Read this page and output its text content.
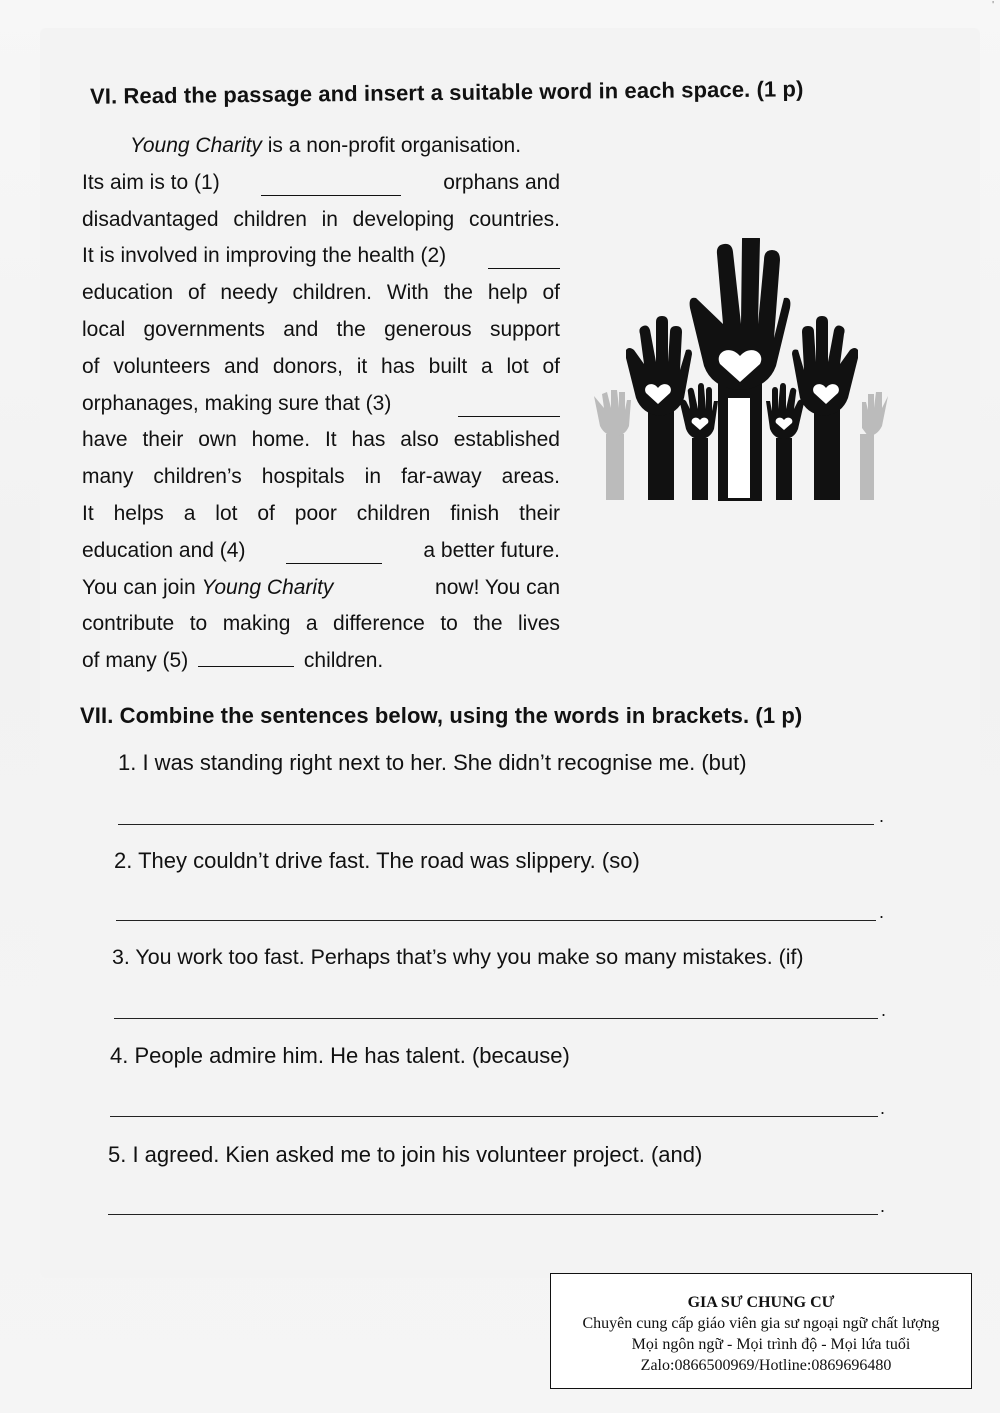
'
VI. Read the passage and insert a suitable word in each space. (1 p)
Young Charity is a non-profit organisation.
Its aim is to (1)	orphans and
disadvantaged children in developing countries.
It is involved in improving the health (2)
education of needy children. With the help of
local governments and the generous support
of volunteers and donors, it has built a lot of
orphanages, making sure that (3)
have their own home. It has also established
many children’s hospitals in far-away areas.
It helps a lot of poor children finish their
education and (4)	a better future.
You can join Young Charity	now! You can
contribute to making a difference to the lives
of many (5)	children.
VII. Combine the sentences below, using the words in brackets. (1 p)
1. I was standing right next to her. She didn’t recognise me. (but)
.
2. They couldn’t drive fast. The road was slippery. (so)
.
3. You work too fast. Perhaps that’s why you make so many mistakes. (if)
.
4. People admire him. He has talent. (because)
.
5. I agreed. Kien asked me to join his volunteer project. (and)
.
GIA SƯ CHUNG CƯ
Chuyên cung cấp giáo viên gia sư ngoại ngữ chất lượng
Mọi ngôn ngữ - Mọi trình độ - Mọi lứa tuổi
Zalo:0866500969/Hotline:0869696480
